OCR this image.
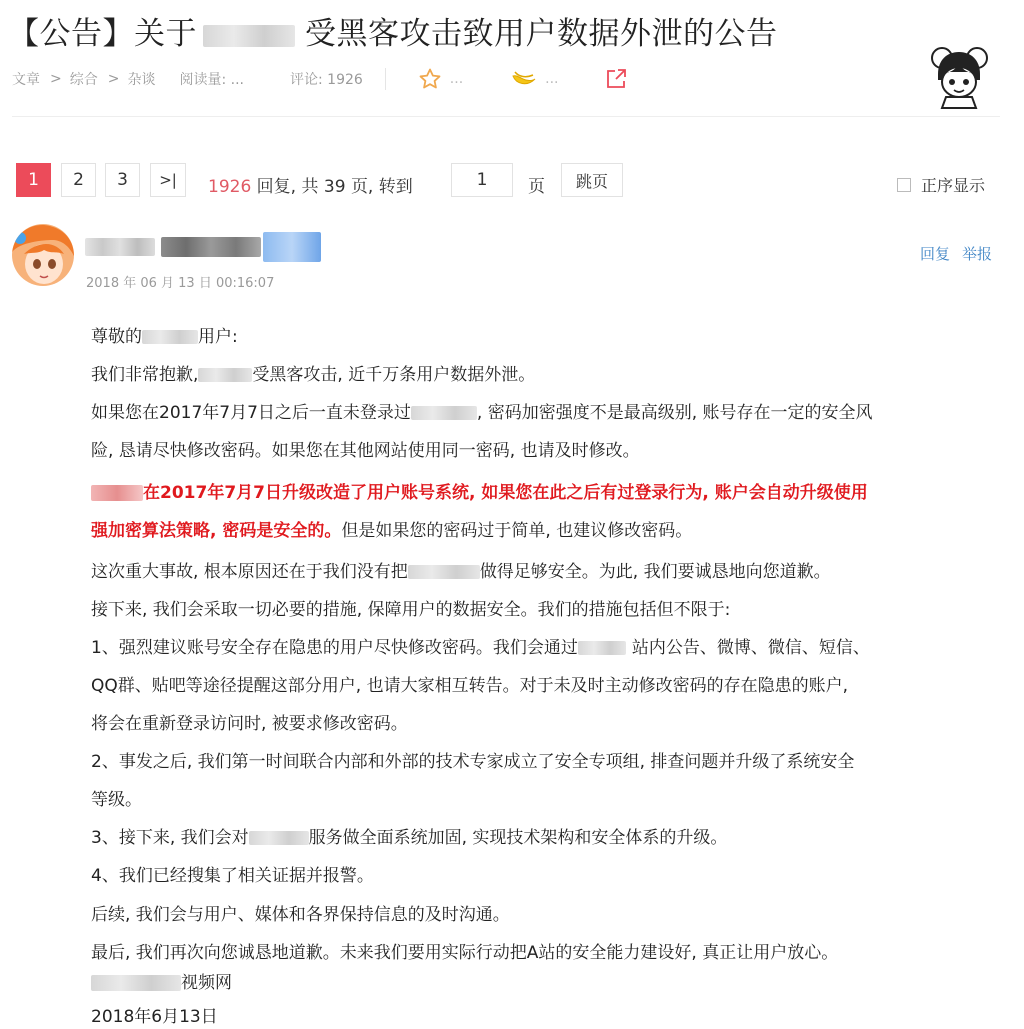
【公告】关于	受黑客攻击致用户数据外泄的公告
文章 > 综合 > 杂谈 阅读量: ...	评论: 1926	...	...
1	2	3	>|	1926 回复, 共 39 页, 转到	1	页	跳页	正序显示
2018 年 06 月 13 日 00:16:07
回复 举报
尊敬的	用户:
我们非常抱歉,	受黑客攻击, 近千万条用户数据外泄。
如果您在2017年7月7日之后一直未登录过	, 密码加密强度不是最高级别, 账号存在一定的安全风
险, 恳请尽快修改密码。如果您在其他网站使用同一密码, 也请及时修改。
在2017年7月7日升级改造了用户账号系统, 如果您在此之后有过登录行为, 账户会自动升级使用
强加密算法策略, 密码是安全的。但是如果您的密码过于简单, 也建议修改密码。
这次重大事故, 根本原因还在于我们没有把	做得足够安全。为此, 我们要诚恳地向您道歉。
接下来, 我们会采取一切必要的措施, 保障用户的数据安全。我们的措施包括但不限于:
1、强烈建议账号安全存在隐患的用户尽快修改密码。我们会通过	站内公告、微博、微信、短信、
QQ群、贴吧等途径提醒这部分用户, 也请大家相互转告。对于未及时主动修改密码的存在隐患的账户,
将会在重新登录访问时, 被要求修改密码。
2、事发之后, 我们第一时间联合内部和外部的技术专家成立了安全专项组, 排查问题并升级了系统安全
等级。
3、接下来, 我们会对	服务做全面系统加固, 实现技术架构和安全体系的升级。
4、我们已经搜集了相关证据并报警。
后续, 我们会与用户、媒体和各界保持信息的及时沟通。
最后, 我们再次向您诚恳地道歉。未来我们要用实际行动把A站的安全能力建设好, 真正让用户放心。
视频网
2018年6月13日
